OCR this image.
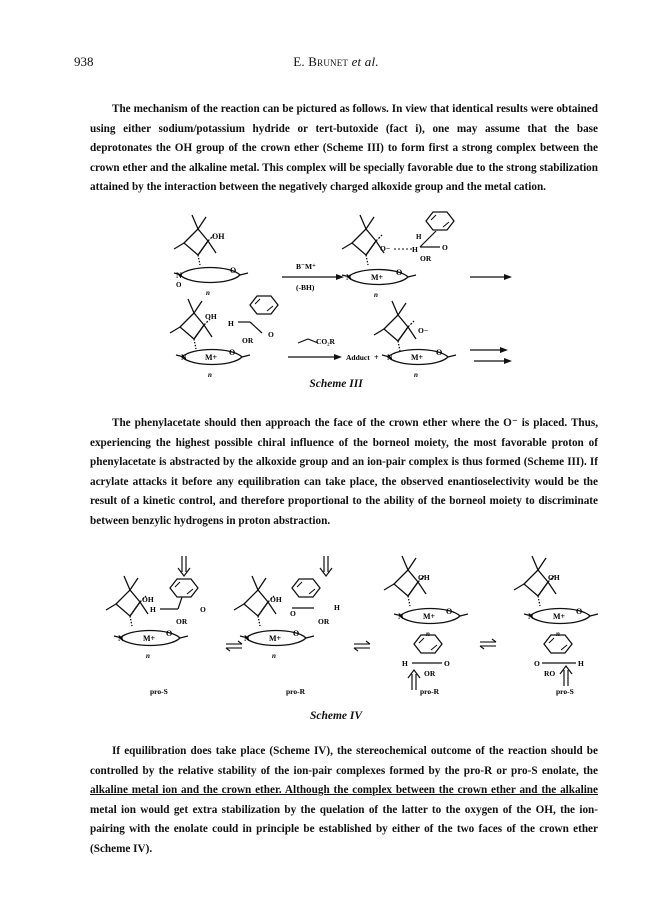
938	E. Brunet et al.

The mechanism of the reaction can be pictured as follows. In view that identical results were obtained using either sodium/potassium hydride or tert-butoxide (fact i), one may assume that the base deprotonates the OH group of the crown ether (Scheme III) to form first a strong complex between the crown ether and the alkaline metal. This complex will be specially favorable due to the strong stabilization attained by the interaction between the negatively charged alkoxide group and the metal cation.

OH
N
O
O
n
B⁻M⁺
(-BH)
O−	H	O
OR
H
N M+
O
n
OH
H
O
OR
N M+
O
n
CO₂R
Adduct +
O−
N M+
O
n
Scheme III

The phenylacetate should then approach the face of the crown ether where the O⁻ is placed. Thus, experiencing the highest possible chiral influence of the borneol moiety, the most favorable proton of phenylacetate is abstracted by the alkoxide group and an ion-pair complex is thus formed (Scheme III). If acrylate attacks it before any equilibration can take place, the observed enantioselectivity would be the result of a kinetic control, and therefore proportional to the ability of the borneol moiety to discriminate between benzylic hydrogens in proton abstraction.

OH
H	O
OR
N M+
O
n
pro-S
OH
H
O
OR
N M+
O
n
pro-R
OH
N M+
O
n
H	O
OR
pro-R
OH
N M+
O
n
O	H
RO
pro-S
Scheme IV

If equilibration does take place (Scheme IV), the stereochemical outcome of the reaction should be controlled by the relative stability of the ion-pair complexes formed by the pro-R or pro-S enolate, the alkaline metal ion and the crown ether. Although the complex between the crown ether and the alkaline metal ion would get extra stabilization by the quelation of the latter to the oxygen of the OH, the ion-pairing with the enolate could in principle be established by either of the two faces of the crown ether (Scheme IV).
